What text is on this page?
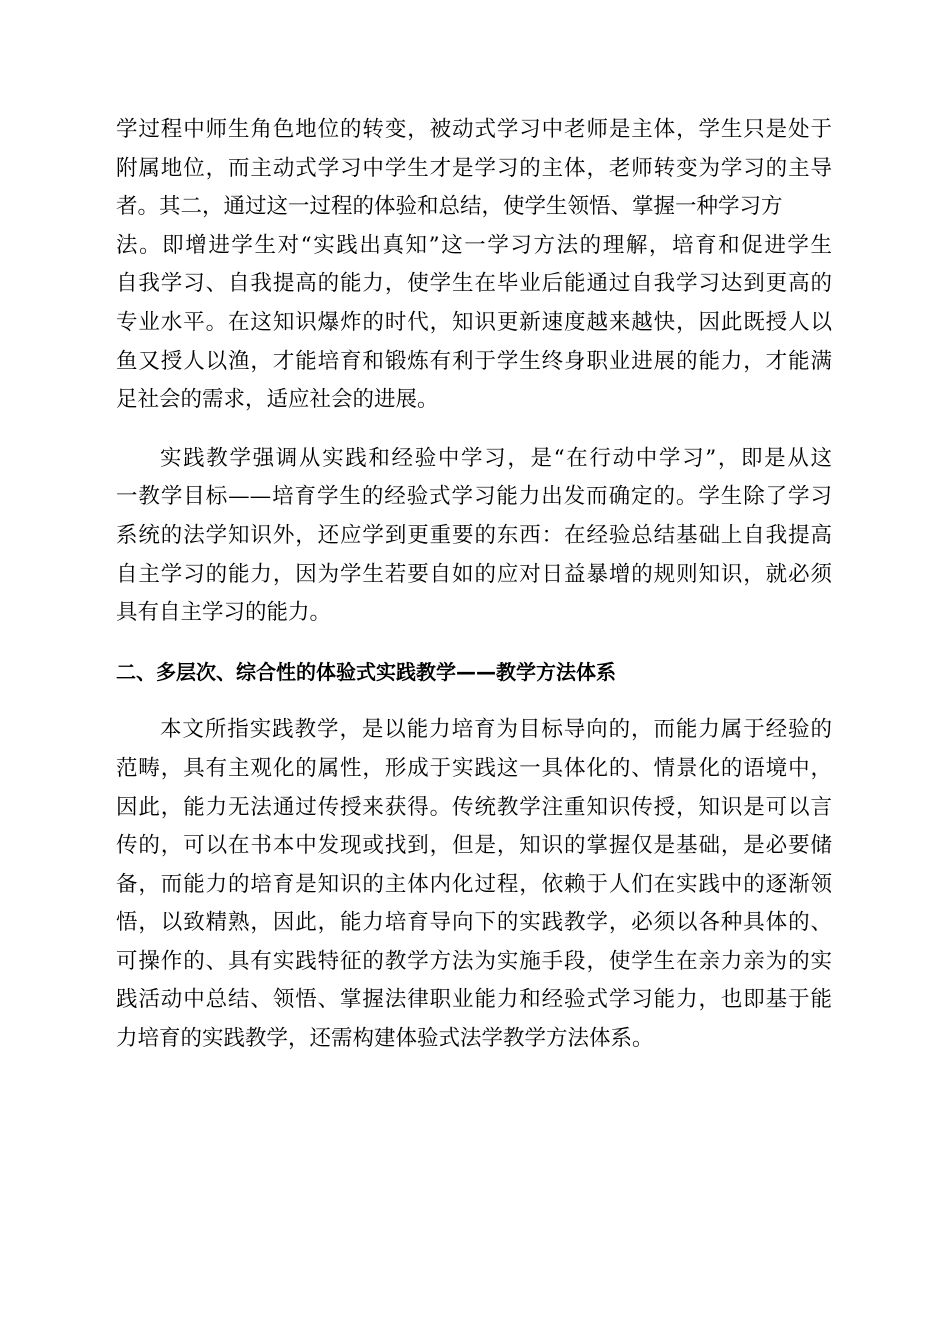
学过程中师生角色地位的转变，被动式学习中老师是主体，学生只是处于
附属地位，而主动式学习中学生才是学习的主体，老师转变为学习的主导
者。其二，通过这一过程的体验和总结，使学生领悟、掌握一种学习方
法。即增进学生对“实践出真知”这一学习方法的理解，培育和促进学生
自我学习、自我提高的能力，使学生在毕业后能通过自我学习达到更高的
专业水平。在这知识爆炸的时代，知识更新速度越来越快，因此既授人以
鱼又授人以渔，才能培育和锻炼有利于学生终身职业进展的能力，才能满
足社会的需求，适应社会的进展。
实践教学强调从实践和经验中学习，是“在行动中学习”，即是从这
一教学目标——培育学生的经验式学习能力出发而确定的。学生除了学习
系统的法学知识外，还应学到更重要的东西：在经验总结基础上自我提高
自主学习的能力，因为学生若要自如的应对日益暴增的规则知识，就必须
具有自主学习的能力。
二、多层次、综合性的体验式实践教学——教学方法体系
本文所指实践教学，是以能力培育为目标导向的，而能力属于经验的
范畴，具有主观化的属性，形成于实践这一具体化的、情景化的语境中，
因此，能力无法通过传授来获得。传统教学注重知识传授，知识是可以言
传的，可以在书本中发现或找到，但是，知识的掌握仅是基础，是必要储
备，而能力的培育是知识的主体内化过程，依赖于人们在实践中的逐渐领
悟，以致精熟，因此，能力培育导向下的实践教学，必须以各种具体的、
可操作的、具有实践特征的教学方法为实施手段，使学生在亲力亲为的实
践活动中总结、领悟、掌握法律职业能力和经验式学习能力，也即基于能
力培育的实践教学，还需构建体验式法学教学方法体系。
